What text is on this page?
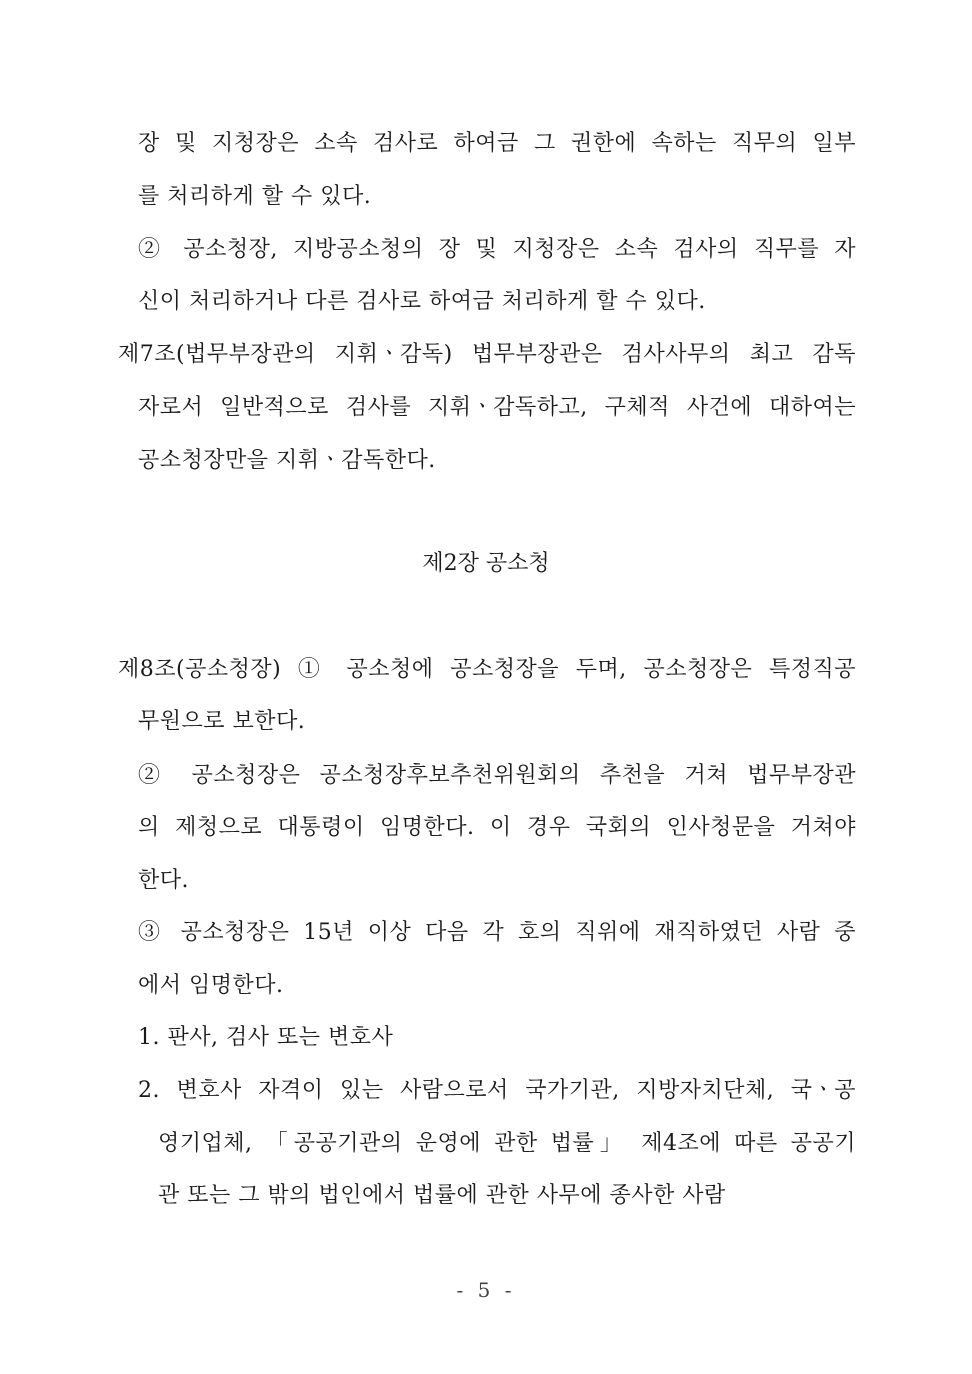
장 및 지청장은 소속 검사로 하여금 그 권한에 속하는 직무의 일부
를 처리하게 할 수 있다.
② 공소청장, 지방공소청의 장 및 지청장은 소속 검사의 직무를 자
신이 처리하거나 다른 검사로 하여금 처리하게 할 수 있다.
제7조(법무부장관의 지휘ㆍ감독) 법무부장관은 검사사무의 최고 감독
자로서 일반적으로 검사를 지휘ㆍ감독하고, 구체적 사건에 대하여는
공소청장만을 지휘ㆍ감독한다.
제2장 공소청
제8조(공소청장) ① 공소청에 공소청장을 두며, 공소청장은 특정직공
무원으로 보한다.
② 공소청장은 공소청장후보추천위원회의 추천을 거쳐 법무부장관
의 제청으로 대통령이 임명한다. 이 경우 국회의 인사청문을 거쳐야
한다.
③ 공소청장은 15년 이상 다음 각 호의 직위에 재직하였던 사람 중
에서 임명한다.
1. 판사, 검사 또는 변호사
2. 변호사 자격이 있는 사람으로서 국가기관, 지방자치단체, 국ㆍ공
영기업체, 「공공기관의 운영에 관한 법률」 제4조에 따른 공공기
관 또는 그 밖의 법인에서 법률에 관한 사무에 종사한 사람
- 5 -
